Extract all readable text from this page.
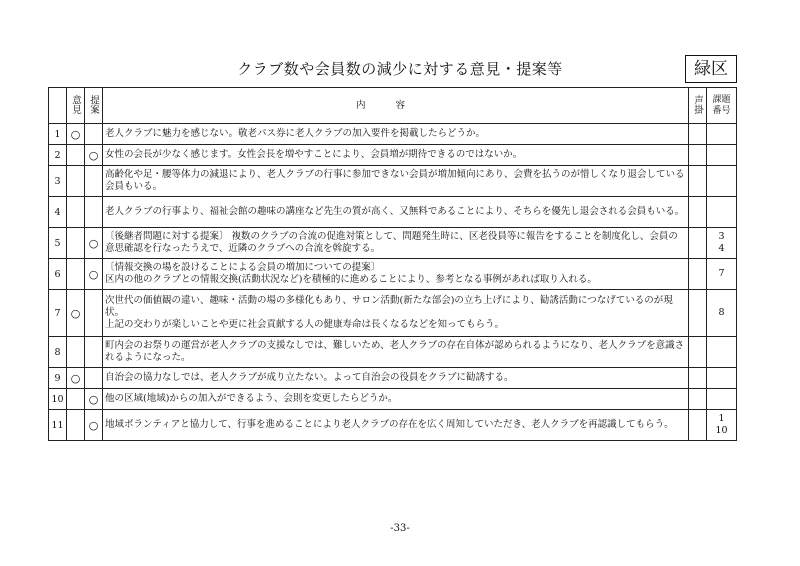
クラブ数や会員数の減少に対する意見・提案等	緑区
	意見	提案	内容	声掛	課題番号
1	○		老人クラブに魅力を感じない。敬老パス券に老人クラブの加入要件を掲載したらどうか。		

2		○	女性の会長が少なく感じます。女性会長を増やすことにより、会員増が期待できるのではないか。		

3			高齢化や足・腰等体力の減退により、老人クラブの行事に参加できない会員が増加傾向にあり、会費を払うのが惜しくなり退会している会員もいる。		

4			老人クラブの行事より、福祉会館の趣味の講座など先生の質が高く、又無料であることにより、そちらを優先し退会される会員もいる。		

5		○	〔後継者問題に対する提案〕 複数のクラブの合流の促進対策として、問題発生時に、区老役員等に報告をすることを制度化し、会員の意思確認を行なったうえで、近隣のクラブへの合流を斡旋する。		3
4
6		○	〔情報交換の場を設けることによる会員の増加についての提案〕
区内の他のクラブとの情報交換(活動状況など)を積極的に進めることにより、参考となる事例があれば取り入れる。		7
7	○		次世代の価値観の違い、趣味・活動の場の多様化もあり、サロン活動(新たな部会)の立ち上げにより、勧誘活動につなげているのが現状。
上記の交わりが楽しいことや更に社会貢献する人の健康寿命は長くなるなどを知ってもらう。		8
8			町内会のお祭りの運営が老人クラブの支援なしでは、難しいため、老人クラブの存在自体が認められるようになり、老人クラブを意識されるようになった。		

9	○		自治会の協力なしでは、老人クラブが成り立たない。よって自治会の役員をクラブに勧誘する。		

10		○	他の区域(地域)からの加入ができるよう、会則を変更したらどうか。		

11		○	地域ボランティアと協力して、行事を進めることにより老人クラブの存在を広く周知していただき、老人クラブを再認識してもらう。		1
10
-33-
